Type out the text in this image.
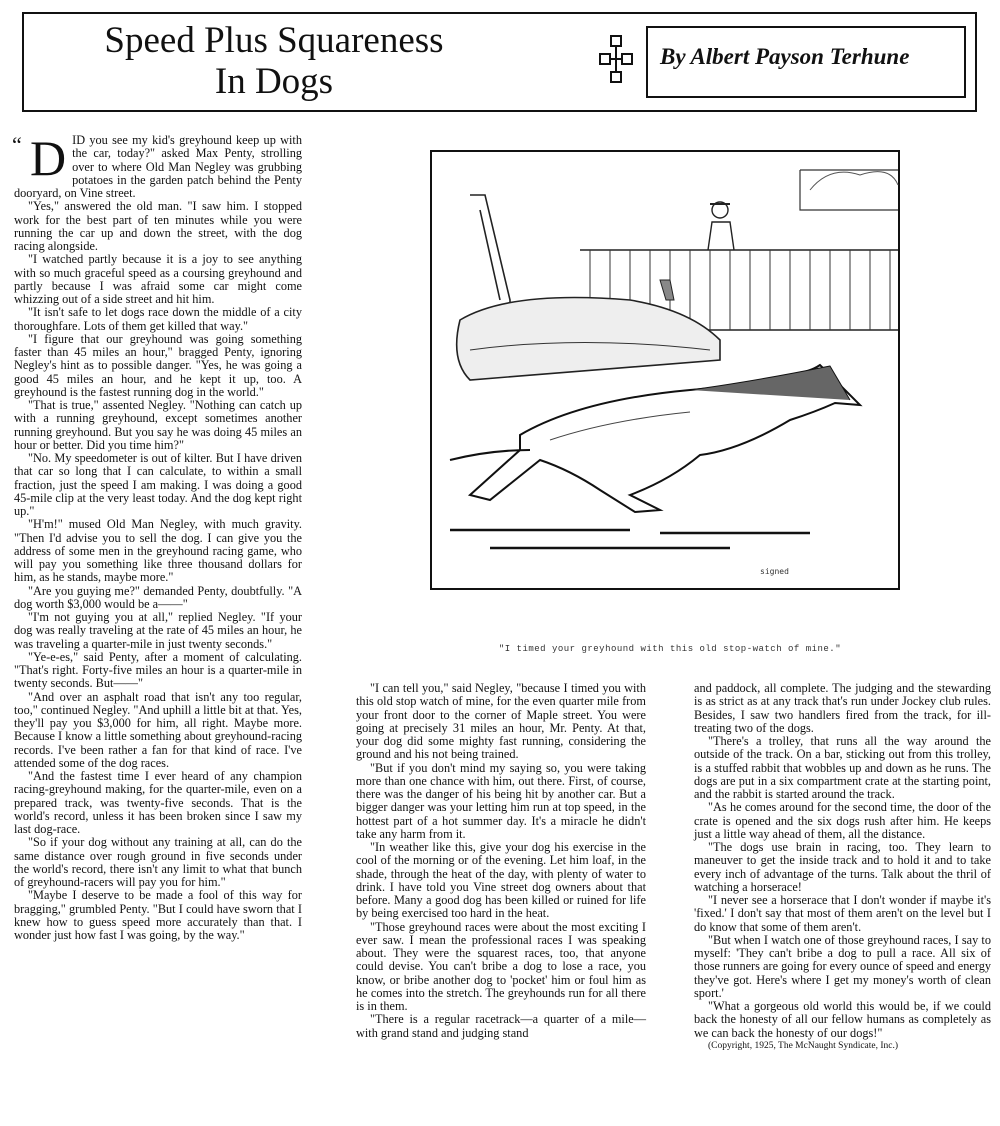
Speed Plus Squareness
In Dogs
By Albert Payson Terhune
“ D ID you see my kid's greyhound keep up with the car, today?" asked Max Penty, strolling over to where Old Man Negley was grubbing potatoes in the garden patch behind the Penty dooryard, on Vine street.

"Yes," answered the old man. "I saw him. I stopped work for the best part of ten minutes while you were running the car up and down the street, with the dog racing alongside.

"I watched partly because it is a joy to see anything with so much graceful speed as a coursing greyhound and partly because I was afraid some car might come whizzing out of a side street and hit him.

"It isn't safe to let dogs race down the middle of a city thoroughfare. Lots of them get killed that way."

"I figure that our greyhound was going something faster than 45 miles an hour," bragged Penty, ignoring Negley's hint as to possible danger. "Yes, he was going a good 45 miles an hour, and he kept it up, too. A greyhound is the fastest running dog in the world."

"That is true," assented Negley. "Nothing can catch up with a running greyhound, except sometimes another running greyhound. But you say he was doing 45 miles an hour or better. Did you time him?"

"No. My speedometer is out of kilter. But I have driven that car so long that I can calculate, to within a small fraction, just the speed I am making. I was doing a good 45-mile clip at the very least today. And the dog kept right up."

"H'm!" mused Old Man Negley, with much gravity. "Then I'd advise you to sell the dog. I can give you the address of some men in the greyhound racing game, who will pay you something like three thousand dollars for him, as he stands, maybe more."

"Are you guying me?" demanded Penty, doubtfully. "A dog worth $3,000 would be a——"

"I'm not guying you at all," replied Negley. "If your dog was really traveling at the rate of 45 miles an hour, he was traveling a quarter-mile in just twenty seconds."

"Ye-e-es," said Penty, after a moment of calculating. "That's right. Forty-five miles an hour is a quarter-mile in twenty seconds. But——"

"And over an asphalt road that isn't any too regular, too," continued Negley. "And uphill a little bit at that. Yes, they'll pay you $3,000 for him, all right. Maybe more. Because I know a little something about greyhound-racing records. I've been rather a fan for that kind of race. I've attended some of the dog races.

"And the fastest time I ever heard of any champion racing-greyhound making, for the quarter-mile, even on a prepared track, was twenty-five seconds. That is the world's record, unless it has been broken since I saw my last dog-race.

"So if your dog without any training at all, can do the same distance over rough ground in five seconds under the world's record, there isn't any limit to what that bunch of greyhound-racers will pay you for him."

"Maybe I deserve to be made a fool of this way for bragging," grumbled Penty. "But I could have sworn that I knew how to guess speed more accurately than that. I wonder just how fast I was going, by the way."

signed
"I timed your greyhound with this old stop-watch of mine."

"I can tell you," said Negley, "because I timed you with this old stop watch of mine, for the even quarter mile from your front door to the corner of Maple street. You were going at precisely 31 miles an hour, Mr. Penty. At that, your dog did some mighty fast running, considering the ground and his not being trained.

"But if you don't mind my saying so, you were taking more than one chance with him, out there. First, of course, there was the danger of his being hit by another car. But a bigger danger was your letting him run at top speed, in the hottest part of a hot summer day. It's a miracle he didn't take any harm from it.

"In weather like this, give your dog his exercise in the cool of the morning or of the evening. Let him loaf, in the shade, through the heat of the day, with plenty of water to drink. I have told you Vine street dog owners about that before. Many a good dog has been killed or ruined for life by being exercised too hard in the heat.

"Those greyhound races were about the most exciting I ever saw. I mean the professional races I was speaking about. They were the squarest races, too, that anyone could devise. You can't bribe a dog to lose a race, you know, or bribe another dog to 'pocket' him or foul him as he comes into the stretch. The greyhounds run for all there is in them.

"There is a regular racetrack—a quarter of a mile—with grand stand and judging stand

and paddock, all complete. The judging and the stewarding is as strict as at any track that's run under Jockey club rules. Besides, I saw two handlers fired from the track, for ill-treating two of the dogs.

"There's a trolley, that runs all the way around the outside of the track. On a bar, sticking out from this trolley, is a stuffed rabbit that wobbles up and down as he runs. The dogs are put in a six compartment crate at the starting point, and the rabbit is started around the track.

"As he comes around for the second time, the door of the crate is opened and the six dogs rush after him. He keeps just a little way ahead of them, all the distance.

"The dogs use brain in racing, too. They learn to maneuver to get the inside track and to hold it and to take every inch of advantage of the turns. Talk about the thril of watching a horserace!

"I never see a horserace that I don't wonder if maybe it's 'fixed.' I don't say that most of them aren't on the level but I do know that some of them aren't.

"But when I watch one of those greyhound races, I say to myself: 'They can't bribe a dog to pull a race. All six of those runners are going for every ounce of speed and energy they've got. Here's where I get my money's worth of clean sport.'

"What a gorgeous old world this would be, if we could back the honesty of all our fellow humans as completely as we can back the honesty of our dogs!"

(Copyright, 1925, The McNaught Syndicate, Inc.)
